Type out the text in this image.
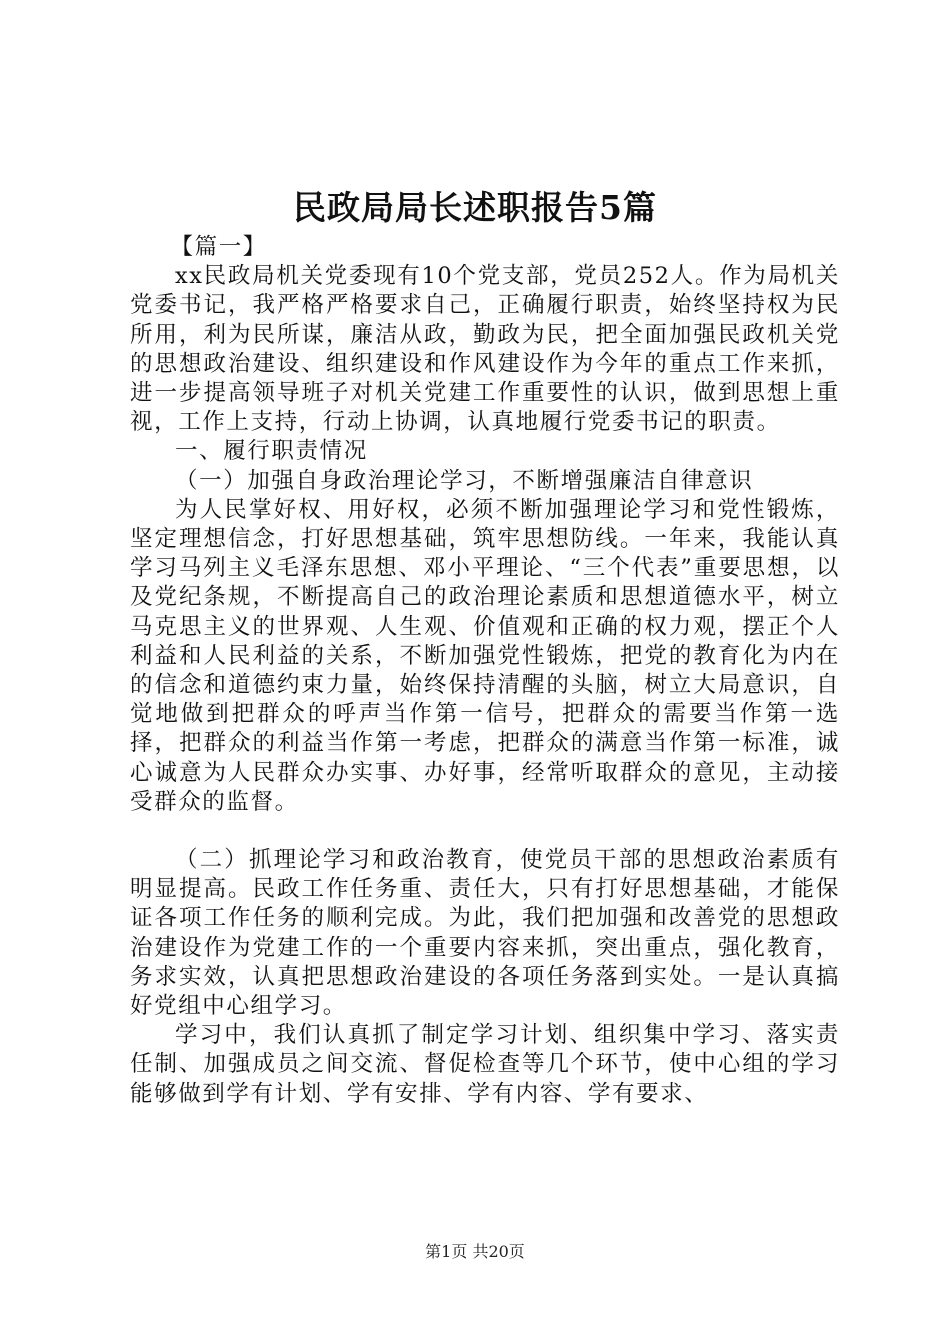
民政局局长述职报告5篇

【篇一】

xx民政局机关党委现有10个党支部，党员252人。作为局机关党委书记，我严格严格要求自己，正确履行职责，始终坚持权为民所用，利为民所谋，廉洁从政，勤政为民，把全面加强民政机关党的思想政治建设、组织建设和作风建设作为今年的重点工作来抓，进一步提高领导班子对机关党建工作重要性的认识，做到思想上重视，工作上支持，行动上协调，认真地履行党委书记的职责。

一、履行职责情况

（一）加强自身政治理论学习，不断增强廉洁自律意识

为人民掌好权、用好权，必须不断加强理论学习和党性锻炼，坚定理想信念，打好思想基础，筑牢思想防线。一年来，我能认真学习马列主义毛泽东思想、邓小平理论、“三个代表”重要思想，以及党纪条规，不断提高自己的政治理论素质和思想道德水平，树立马克思主义的世界观、人生观、价值观和正确的权力观，摆正个人利益和人民利益的关系，不断加强党性锻炼，把党的教育化为内在的信念和道德约束力量，始终保持清醒的头脑，树立大局意识，自觉地做到把群众的呼声当作第一信号，把群众的需要当作第一选择，把群众的利益当作第一考虑，把群众的满意当作第一标准，诚心诚意为人民群众办实事、办好事，经常听取群众的意见，主动接受群众的监督。

（二）抓理论学习和政治教育，使党员干部的思想政治素质有明显提高。民政工作任务重、责任大，只有打好思想基础，才能保证各项工作任务的顺利完成。为此，我们把加强和改善党的思想政治建设作为党建工作的一个重要内容来抓，突出重点，强化教育，务求实效，认真把思想政治建设的各项任务落到实处。一是认真搞好党组中心组学习。

学习中，我们认真抓了制定学习计划、组织集中学习、落实责任制、加强成员之间交流、督促检查等几个环节，使中心组的学习能够做到学有计划、学有安排、学有内容、学有要求、

第1页 共20页
